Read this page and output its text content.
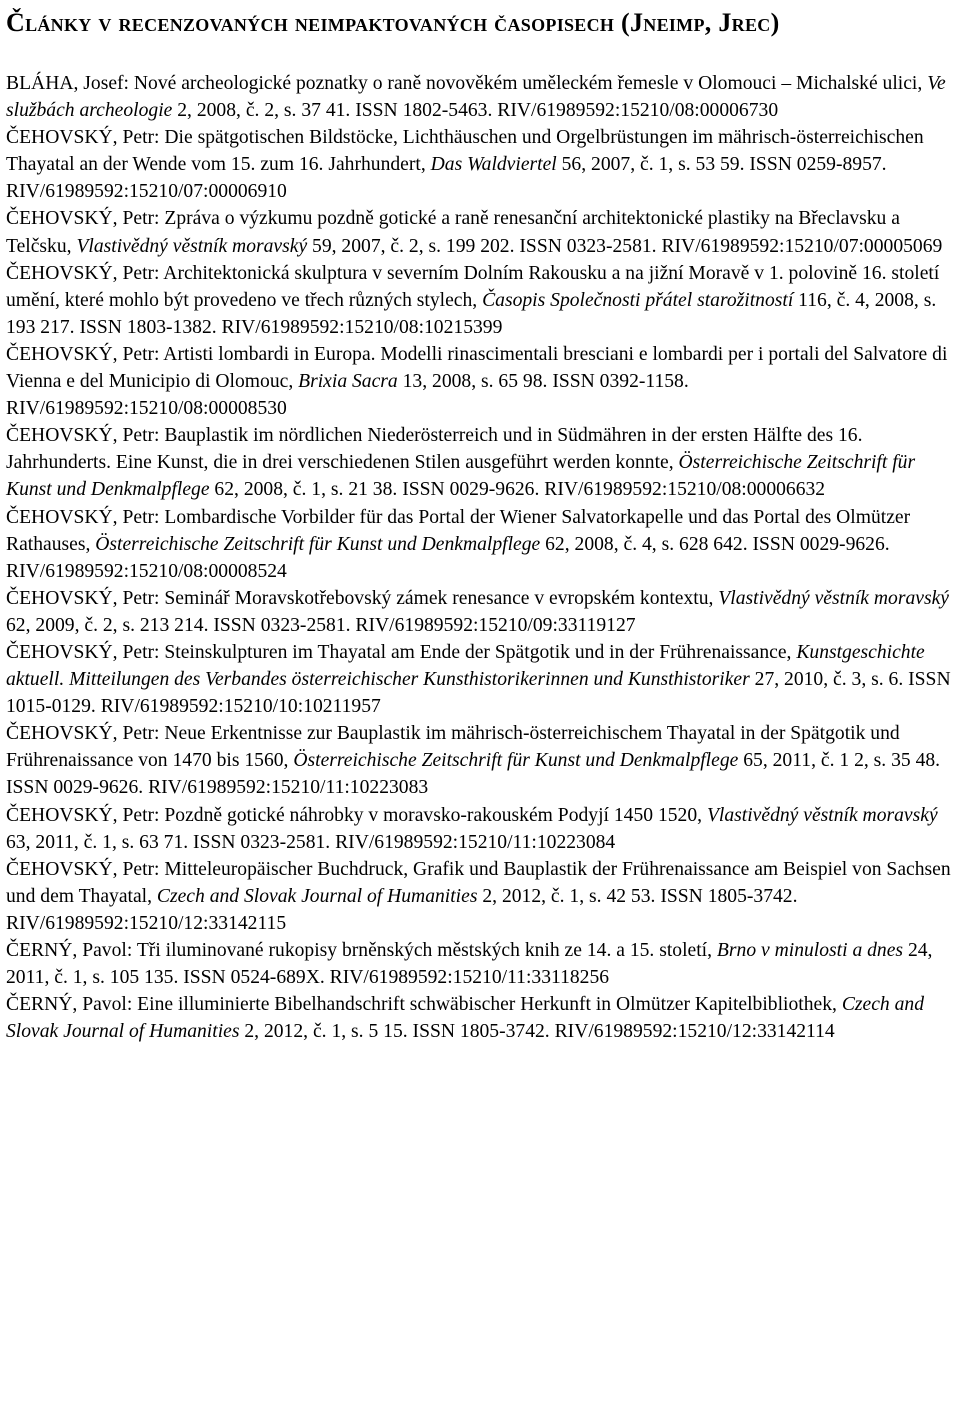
Články v recenzovaných neimpaktovaných časopisech (Jneimp, Jrec)
BLÁHA, Josef: Nové archeologické poznatky o raně novověkém uměleckém řemesle v Olomouci – Michalské ulici, Ve službách archeologie 2, 2008, č. 2, s. 37 41. ISSN 1802-5463. RIV/61989592:15210/08:00006730
ČEHOVSKÝ, Petr: Die spätgotischen Bildstöcke, Lichthäuschen und Orgelbrüstungen im mährisch-österreichischen Thayatal an der Wende vom 15. zum 16. Jahrhundert, Das Waldviertel 56, 2007, č. 1, s. 53 59. ISSN 0259-8957. RIV/61989592:15210/07:00006910
ČEHOVSKÝ, Petr: Zpráva o výzkumu pozdně gotické a raně renesanční architektonické plastiky na Břeclavsku a Telčsku, Vlastivědný věstník moravský 59, 2007, č. 2, s. 199 202. ISSN 0323-2581. RIV/61989592:15210/07:00005069
ČEHOVSKÝ, Petr: Architektonická skulptura v severním Dolním Rakousku a na jižní Moravě v 1. polovině 16. století umění, které mohlo být provedeno ve třech různých stylech, Časopis Společnosti přátel starožitností 116, č. 4, 2008, s. 193 217. ISSN 1803-1382. RIV/61989592:15210/08:10215399
ČEHOVSKÝ, Petr: Artisti lombardi in Europa. Modelli rinascimentali bresciani e lombardi per i portali del Salvatore di Vienna e del Municipio di Olomouc, Brixia Sacra 13, 2008, s. 65 98. ISSN 0392-1158. RIV/61989592:15210/08:00008530
ČEHOVSKÝ, Petr: Bauplastik im nördlichen Niederösterreich und in Südmähren in der ersten Hälfte des 16. Jahrhunderts. Eine Kunst, die in drei verschiedenen Stilen ausgeführt werden konnte, Österreichische Zeitschrift für Kunst und Denkmalpflege 62, 2008, č. 1, s. 21 38. ISSN 0029-9626. RIV/61989592:15210/08:00006632
ČEHOVSKÝ, Petr: Lombardische Vorbilder für das Portal der Wiener Salvatorkapelle und das Portal des Olmützer Rathauses, Österreichische Zeitschrift für Kunst und Denkmalpflege 62, 2008, č. 4, s. 628 642. ISSN 0029-9626. RIV/61989592:15210/08:00008524
ČEHOVSKÝ, Petr: Seminář Moravskotřebovský zámek renesance v evropském kontextu, Vlastivědný věstník moravský 62, 2009, č. 2, s. 213 214. ISSN 0323-2581. RIV/61989592:15210/09:33119127
ČEHOVSKÝ, Petr: Steinskulpturen im Thayatal am Ende der Spätgotik und in der Frührenaissance, Kunstgeschichte aktuell. Mitteilungen des Verbandes österreichischer Kunsthistorikerinnen und Kunsthistoriker 27, 2010, č. 3, s. 6. ISSN 1015-0129. RIV/61989592:15210/10:10211957
ČEHOVSKÝ, Petr: Neue Erkentnisse zur Bauplastik im mährisch-österreichischem Thayatal in der Spätgotik und Frührenaissance von 1470 bis 1560, Österreichische Zeitschrift für Kunst und Denkmalpflege 65, 2011, č. 1 2, s. 35 48. ISSN 0029-9626. RIV/61989592:15210/11:10223083
ČEHOVSKÝ, Petr: Pozdně gotické náhrobky v moravsko-rakouském Podyjí 1450 1520, Vlastivědný věstník moravský 63, 2011, č. 1, s. 63 71. ISSN 0323-2581. RIV/61989592:15210/11:10223084
ČEHOVSKÝ, Petr: Mitteleuropäischer Buchdruck, Grafik und Bauplastik der Frührenaissance am Beispiel von Sachsen und dem Thayatal, Czech and Slovak Journal of Humanities 2, 2012, č. 1, s. 42 53. ISSN 1805-3742. RIV/61989592:15210/12:33142115
ČERNÝ, Pavol: Tři iluminované rukopisy brněnských městských knih ze 14. a 15. století, Brno v minulosti a dnes 24, 2011, č. 1, s. 105 135. ISSN 0524-689X. RIV/61989592:15210/11:33118256
ČERNÝ, Pavol: Eine illuminierte Bibelhandschrift schwäbischer Herkunft in Olmützer Kapitelbibliothek, Czech and Slovak Journal of Humanities 2, 2012, č. 1, s. 5 15. ISSN 1805-3742. RIV/61989592:15210/12:33142114
